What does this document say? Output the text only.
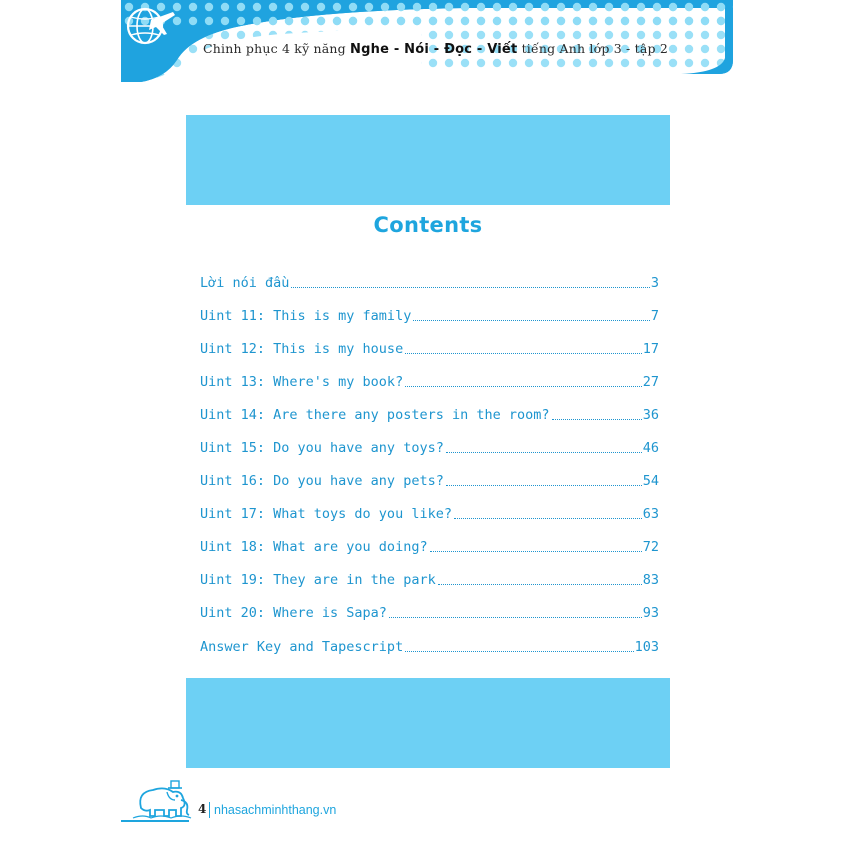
Chinh phục 4 kỹ năng Nghe - Nói - Đọc - Viết tiếng Anh lớp 3 - tập 2
Contents
Lời nói đầu	3
Uint 11: This is my family	7
Uint 12: This is my house	17
Uint 13: Where's my book?	27
Uint 14: Are there any posters in the room?	36
Uint 15: Do you have any toys?	46
Uint 16: Do you have any pets?	54
Uint 17: What toys do you like?	63
Uint 18: What are you doing?	72
Uint 19: They are in the park	83
Uint 20: Where is Sapa?	93
Answer Key and Tapescript	103
4 nhasachminhthang.vn
